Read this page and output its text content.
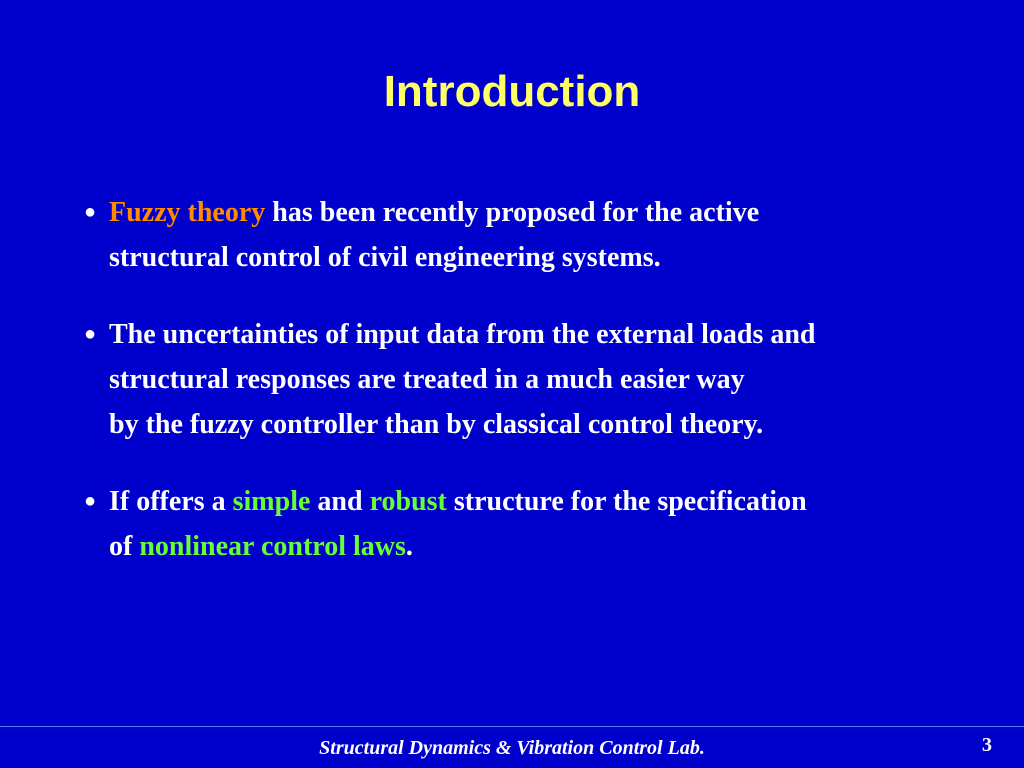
Introduction
● Fuzzy theory has been recently proposed for the active
structural control of civil engineering systems.
● The uncertainties of input data from the external loads and
structural responses are treated in a much easier way
by the fuzzy controller than by classical control theory.
● If offers a simple and robust structure for the specification
of nonlinear control laws.
Structural Dynamics & Vibration Control Lab.	3
